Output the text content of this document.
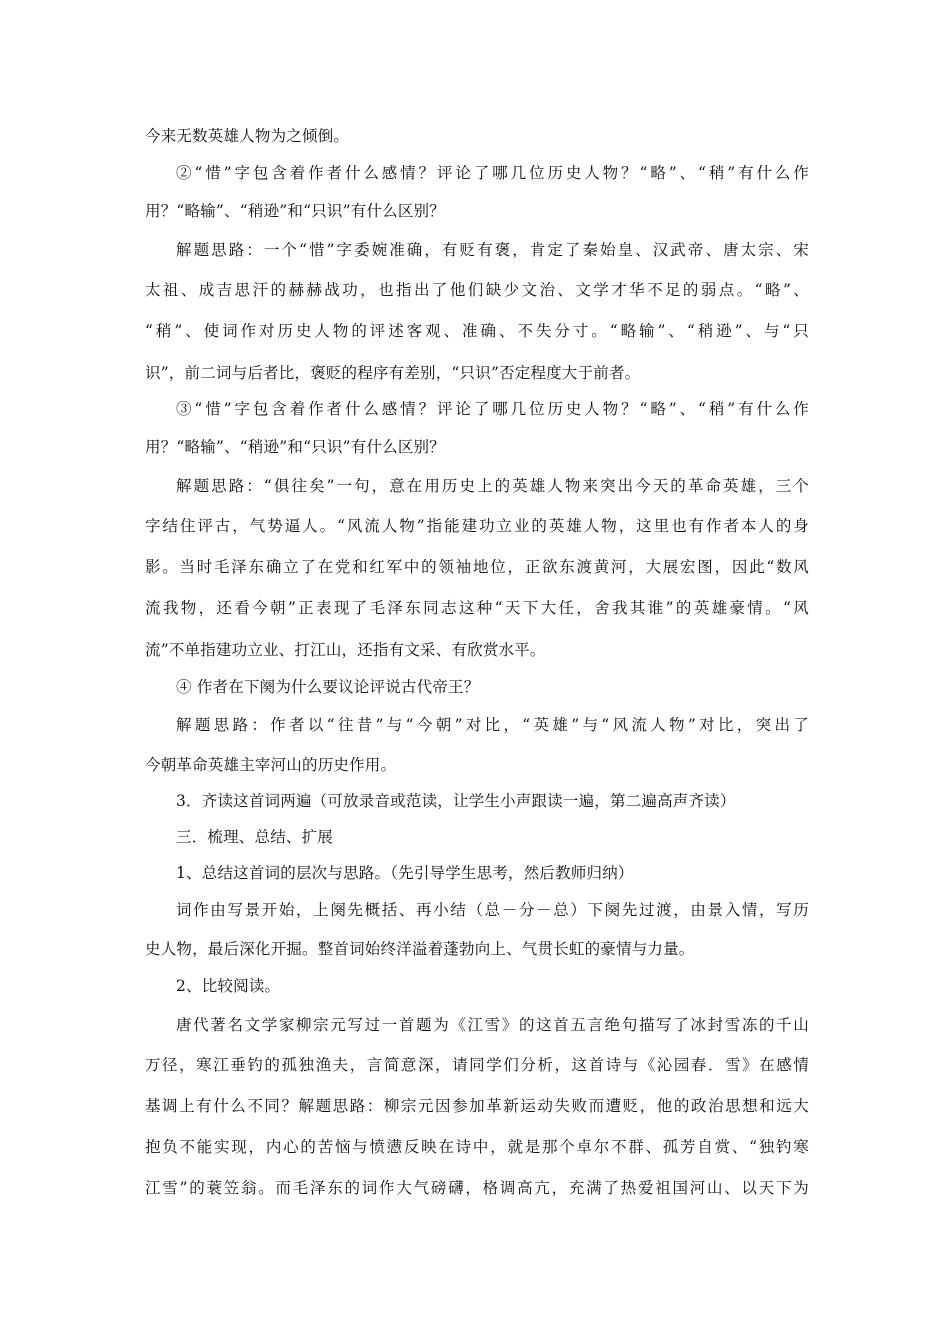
今来无数英雄人物为之倾倒。
②“惜”字包含着作者什么感情？评论了哪几位历史人物？“略”、“稍”有什么作
用？“略输”、“稍逊”和“只识”有什么区别？
解题思路：一个“惜”字委婉准确，有贬有褒，肯定了秦始皇、汉武帝、唐太宗、宋
太祖、成吉思汗的赫赫战功，也指出了他们缺少文治、文学才华不足的弱点。“略”、
“稍”、使词作对历史人物的评述客观、准确、不失分寸。“略输”、“稍逊”、与“只
识”，前二词与后者比，褒贬的程序有差别，“只识”否定程度大于前者。
③“惜”字包含着作者什么感情？评论了哪几位历史人物？“略”、“稍”有什么作
用？“略输”、“稍逊”和“只识”有什么区别？
解题思路：“俱往矣”一句，意在用历史上的英雄人物来突出今天的革命英雄，三个
字结住评古，气势逼人。“风流人物”指能建功立业的英雄人物，这里也有作者本人的身
影。当时毛泽东确立了在党和红军中的领袖地位，正欲东渡黄河，大展宏图，因此“数风
流我物，还看今朝”正表现了毛泽东同志这种“天下大任，舍我其谁”的英雄豪情。“风
流”不单指建功立业、打江山，还指有文采、有欣赏水平。
④ 作者在下阕为什么要议论评说古代帝王？
解题思路：作者以“往昔”与“今朝”对比，“英雄”与“风流人物”对比，突出了
今朝革命英雄主宰河山的历史作用。
3．齐读这首词两遍（可放录音或范读，让学生小声跟读一遍，第二遍高声齐读）
三．梳理、总结、扩展
1、总结这首词的层次与思路。（先引导学生思考，然后教师归纳）
词作由写景开始，上阕先概括、再小结（总－分－总）下阕先过渡，由景入情，写历
史人物，最后深化开掘。整首词始终洋溢着蓬勃向上、气贯长虹的豪情与力量。
2、比较阅读。
唐代著名文学家柳宗元写过一首题为《江雪》的这首五言绝句描写了冰封雪冻的千山
万径，寒江垂钓的孤独渔夫，言简意深，请同学们分析，这首诗与《沁园春．雪》在感情
基调上有什么不同？解题思路：柳宗元因参加革新运动失败而遭贬，他的政治思想和远大
抱负不能实现，内心的苦恼与愤懑反映在诗中，就是那个卓尔不群、孤芳自赏、“独钓寒
江雪”的蓑笠翁。而毛泽东的词作大气磅礴，格调高亢，充满了热爱祖国河山、以天下为
